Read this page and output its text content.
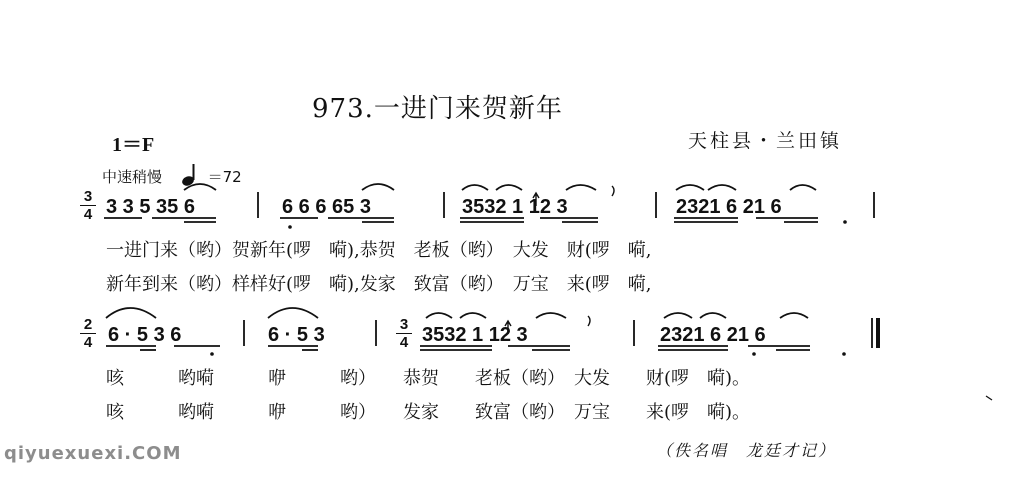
973.一进门来贺新年
1＝F
中速稍慢	＝72
天柱县・兰田镇
3
4 3 3 5 35 6	6 6 6 65 3	3532 1 12 3	2321 6 21 6
一进门来（哟）贺新年(啰　嗬),恭贺　老板（哟）　大发　财(啰　嗬,
新年到来（哟）样样好(啰　嗬),发家　致富（哟）　万宝　来(啰　嗬,
2
4
3
4
6 · 5 3 6	6 · 5 3	3532 1 12 3	2321 6 21 6
咳　　　哟嗬　　　咿　　　哟）　　恭贺　　老板（哟）　大发　　财(啰　嗬)。
咳　　　哟嗬　　　咿　　　哟）　　发家　　致富（哟）　万宝　　来(啰　嗬)。
（佚名唱　龙廷才记）
qiyuexuexi.COM
